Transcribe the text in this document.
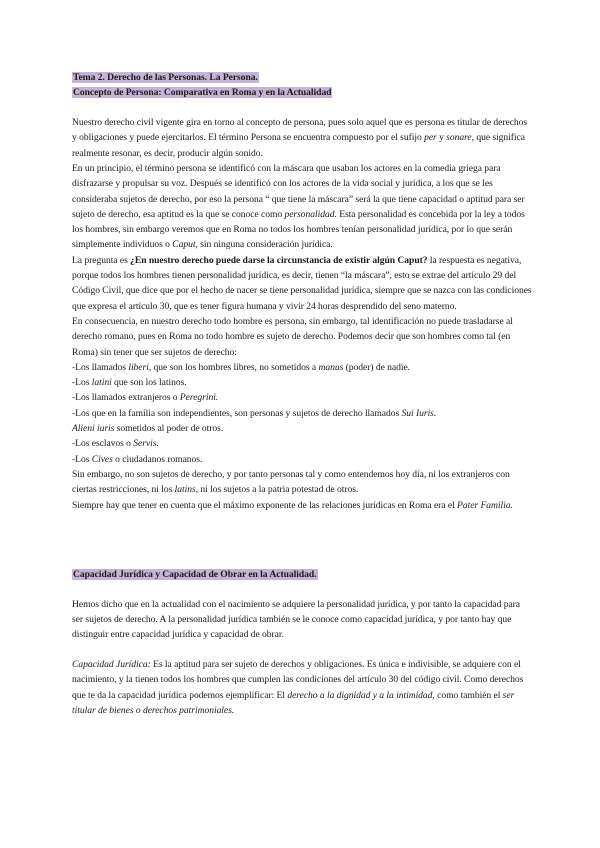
Tema 2. Derecho de las Personas. La Persona.

Concepto de Persona: Comparativa en Roma y en la Actualidad

Nuestro derecho civil vigente gira en torno al concepto de persona, pues solo aquel que es persona es titular de derechos y obligaciones y puede ejercitarlos. El término Persona se encuentra compuesto por el sufijo per y sonare, que significa realmente resonar, es decir, producir algún sonido.

En un principio, el término persona se identificó con la máscara que usaban los actores en la comedia griega para disfrazarse y propulsar su voz. Después se identificó con los actores de la vida social y jurídica, a los que se les consideraba sujetos de derecho, por eso la persona “ que tiene la máscara” será la que tiene capacidad o aptitud para ser sujeto de derecho, esa aptitud es la que se conoce como personalidad. Esta personalidad es concebida por la ley a todos los hombres, sin embargo veremos que en Roma no todos los hombres tenían personalidad jurídica, por lo que serán simplemente individuos o Caput, sin ninguna consideración jurídica.

La pregunta es ¿En nuestro derecho puede darse la circunstancia de existir algún Caput? la respuesta es negativa, porque todos los hombres tienen personalidad jurídica, es decir, tienen “la máscara”, esto se extrae del artículo 29 del Código Civil, que dice que por el hecho de nacer se tiene personalidad jurídica, siempre que se nazca con las condiciones que expresa el artículo 30, que es tener figura humana y vivir 24 horas desprendido del seno materno.

En consecuencia, en nuestro derecho todo hombre es persona, sin embargo, tal identificación no puede trasladarse al derecho romano, pues en Roma no todo hombre es sujeto de derecho. Podemos decir que son hombres como tal (en Roma) sin tener que ser sujetos de derecho:

-Los llamados liberi, que son los hombres libres, no sometidos a manus (poder) de nadie.

-Los latini que son los latinos.

-Los llamados extranjeros o Peregrini.

-Los que en la familia son independientes, son personas y sujetos de derecho llamados Sui Iuris.
Alieni iuris sometidos al poder de otros.

-Los esclavos o Servis.

-Los Cives o ciudadanos romanos.

Sin embargo, no son sujetos de derecho, y por tanto personas tal y como entendemos hoy día, ni los extranjeros con ciertas restricciones, ni los latins, ni los sujetos a la patria potestad de otros.

Siempre hay que tener en cuenta que el máximo exponente de las relaciones jurídicas en Roma era el Pater Familia.

Capacidad Jurídica y Capacidad de Obrar en la Actualidad.

Hemos dicho que en la actualidad con el nacimiento se adquiere la personalidad jurídica, y por tanto la capacidad para ser sujetos de derecho. A la personalidad jurídica también se le conoce como capacidad jurídica, y por tanto hay que distinguir entre capacidad jurídica y capacidad de obrar.

Capacidad Jurídica: Es la aptitud para ser sujeto de derechos y obligaciones. Es única e indivisible, se adquiere con el nacimiento, y la tienen todos los hombres que cumplen las condiciones del artículo 30 del código civil. Como derechos que te da la capacidad jurídica podemos ejemplificar: El derecho a la dignidad y a la intimidad, como también el ser titular de bienes o derechos patrimoniales.
